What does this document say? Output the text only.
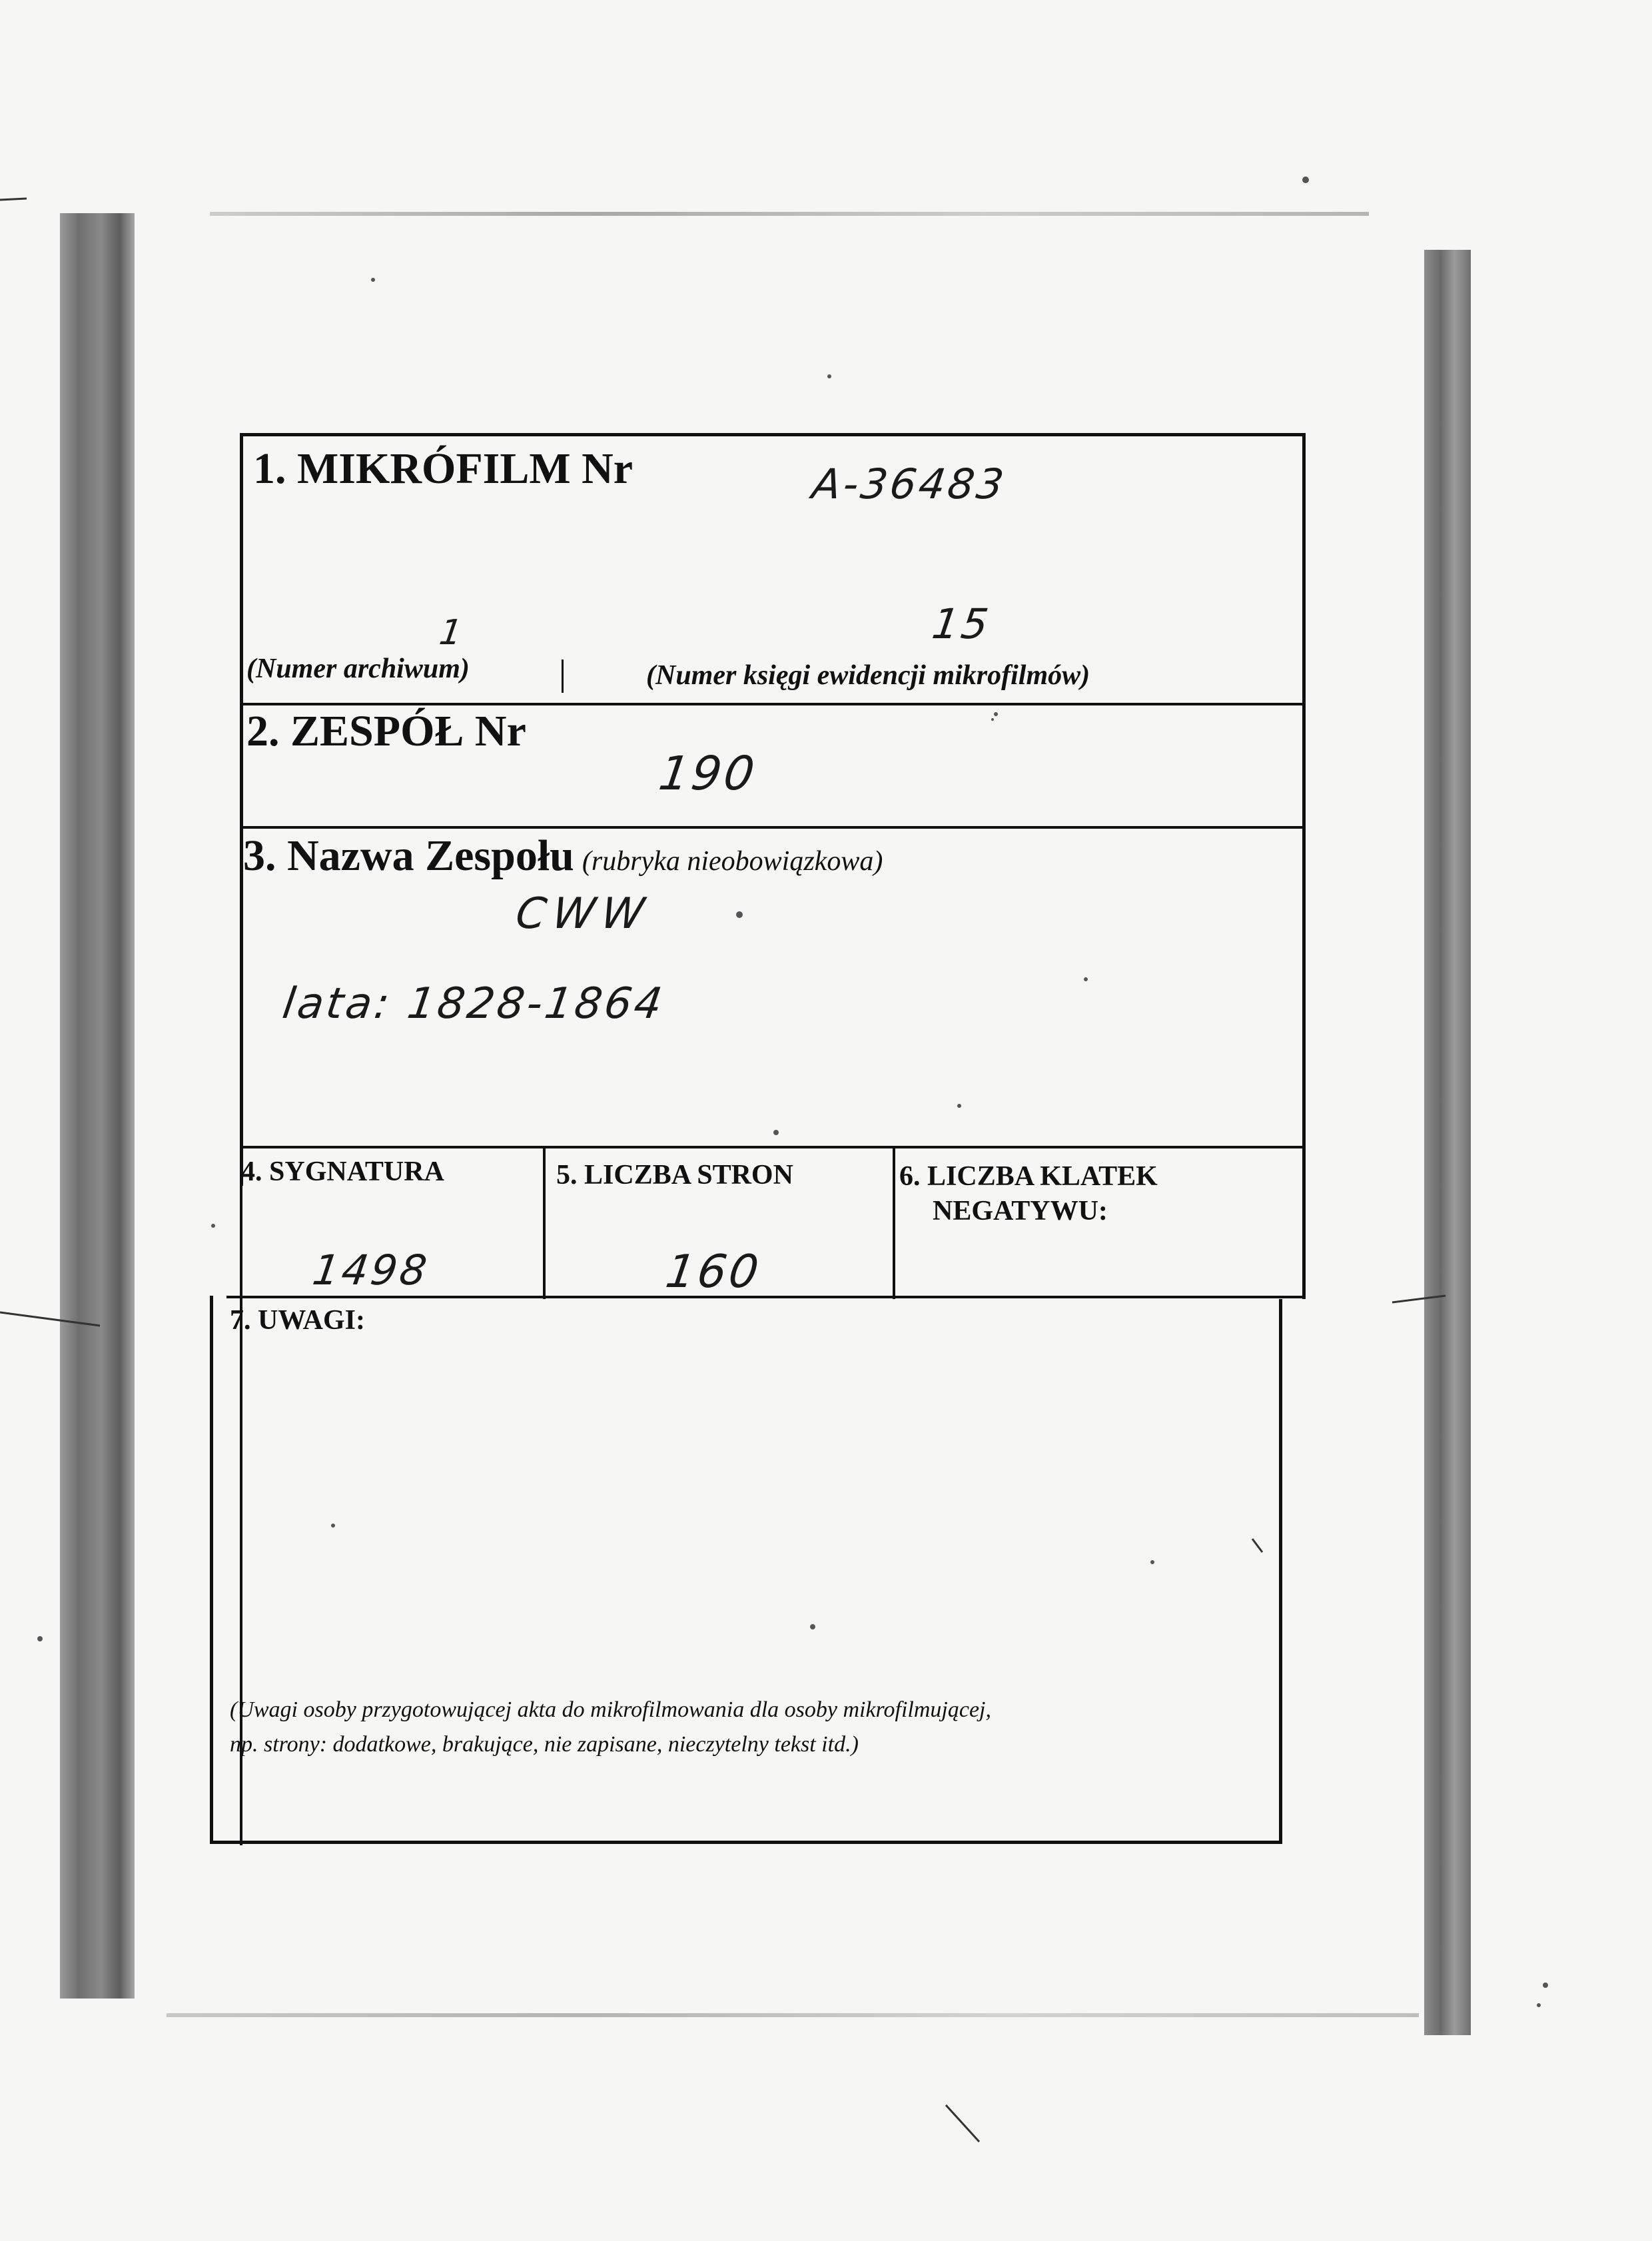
1. MIKRÓFILM Nr	A-36483
1	15
(Numer archiwum)	(Numer księgi ewidencji mikrofilmów)
2. ZESPÓŁ Nr
190
3. Nazwa Zespołu (rubryka nieobowiązkowa)
CWW
lata: 1828-1864
4. SYGNATURA
1498
5. LICZBA STRON
160
6. LICZBA KLATEK
NEGATYWU:
7. UWAGI:
(Uwagi osoby przygotowującej akta do mikrofilmowania dla osoby mikrofilmującej,
np. strony: dodatkowe, brakujące, nie zapisane, nieczytelny tekst itd.)
